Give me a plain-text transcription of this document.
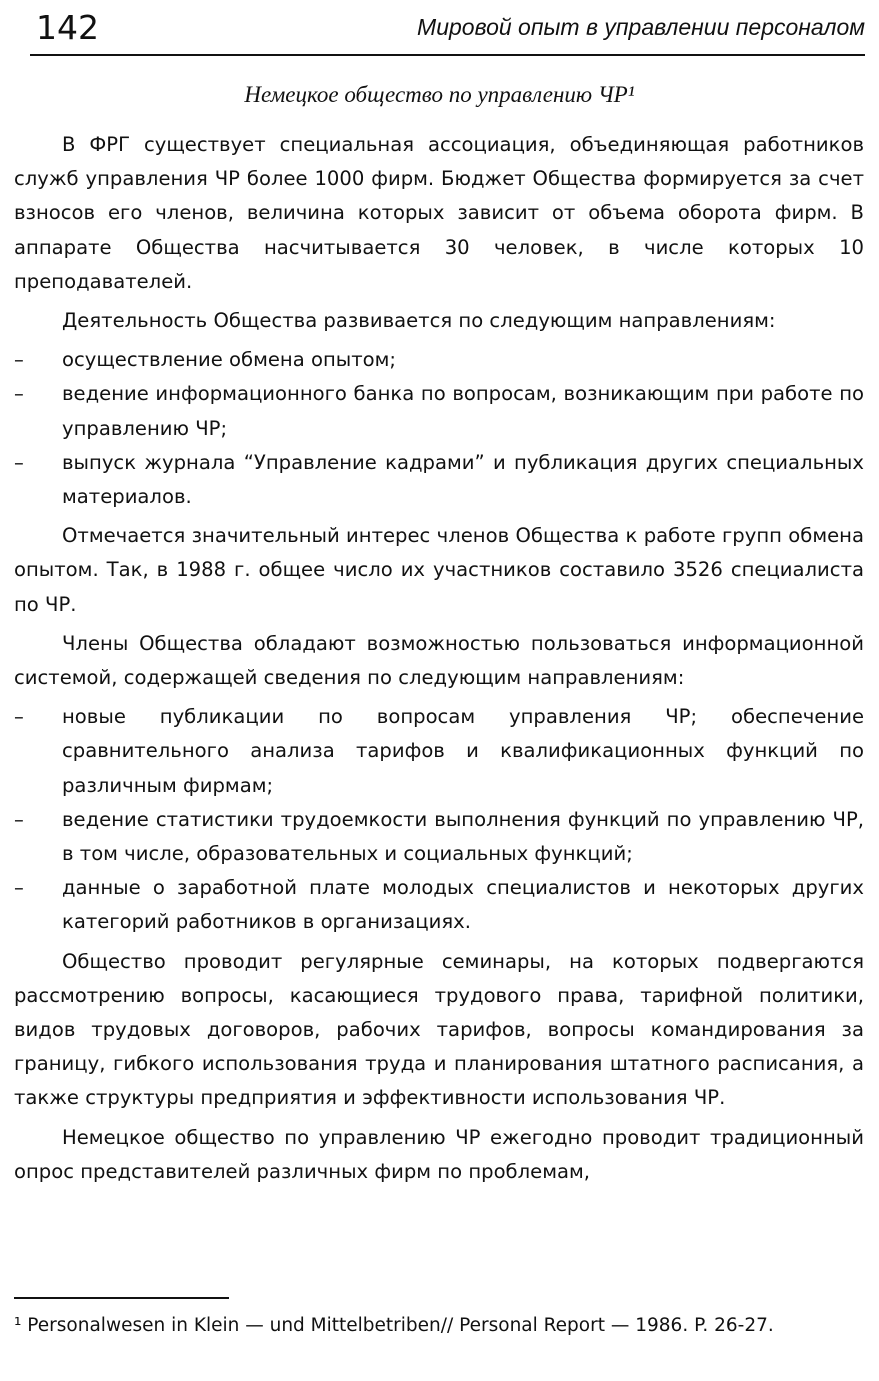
142	Мировой опыт в управлении персоналом
Немецкое общество по управлению ЧР¹

В ФРГ существует специальная ассоциация, объединяющая работников служб управления ЧР более 1000 фирм. Бюджет Общества формируется за счет взносов его членов, величина которых зависит от объема оборота фирм. В аппарате Общества насчитывается 30 человек, в числе которых 10 преподавателей.

Деятельность Общества развивается по следующим направлениям:

– осуществление обмена опытом;
– ведение информационного банка по вопросам, возникающим при работе по управлению ЧР;
– выпуск журнала “Управление кадрами” и публикация других специальных материалов.

Отмечается значительный интерес членов Общества к работе групп обмена опытом. Так, в 1988 г. общее число их участников составило 3526 специалиста по ЧР.

Члены Общества обладают возможностью пользоваться информационной системой, содержащей сведения по следующим направлениям:

– новые публикации по вопросам управления ЧР; обеспечение сравнительного анализа тарифов и квалификационных функций по различным фирмам;
– ведение статистики трудоемкости выполнения функций по управлению ЧР, в том числе, образовательных и социальных функций;
– данные о заработной плате молодых специалистов и некоторых других категорий работников в организациях.

Общество проводит регулярные семинары, на которых подвергаются рассмотрению вопросы, касающиеся трудового права, тарифной политики, видов трудовых договоров, рабочих тарифов, вопросы командирования за границу, гибкого использования труда и планирования штатного расписания, а также структуры предприятия и эффективности использования ЧР.

Немецкое общество по управлению ЧР ежегодно проводит традиционный опрос представителей различных фирм по проблемам,

¹ Personalwesen in Klein — und Mittelbetriben// Personal Report — 1986. P. 26-27.
